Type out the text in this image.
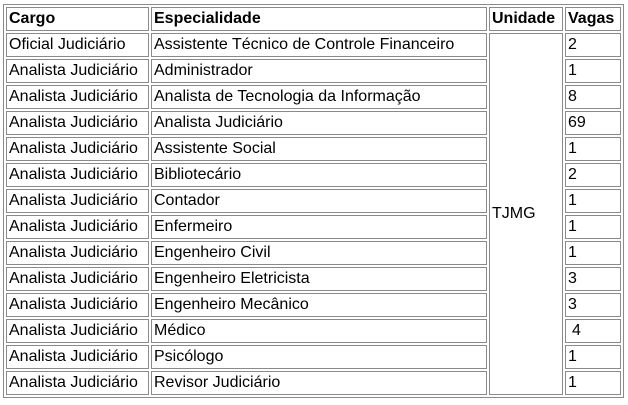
Cargo	Especialidade	Unidade	Vagas
Oficial Judiciário	Assistente Técnico de Controle Financeiro	TJMG	2
Analista Judiciário	Administrador		1
Analista Judiciário	Analista de Tecnologia da Informação		8
Analista Judiciário	Analista Judiciário		69
Analista Judiciário	Assistente Social		1
Analista Judiciário	Bibliotecário		2
Analista Judiciário	Contador		1
Analista Judiciário	Enfermeiro		1
Analista Judiciário	Engenheiro Civil		1
Analista Judiciário	Engenheiro Eletricista		3
Analista Judiciário	Engenheiro Mecânico		3
Analista Judiciário	Médico		4
Analista Judiciário	Psicólogo		1
Analista Judiciário	Revisor Judiciário		1
